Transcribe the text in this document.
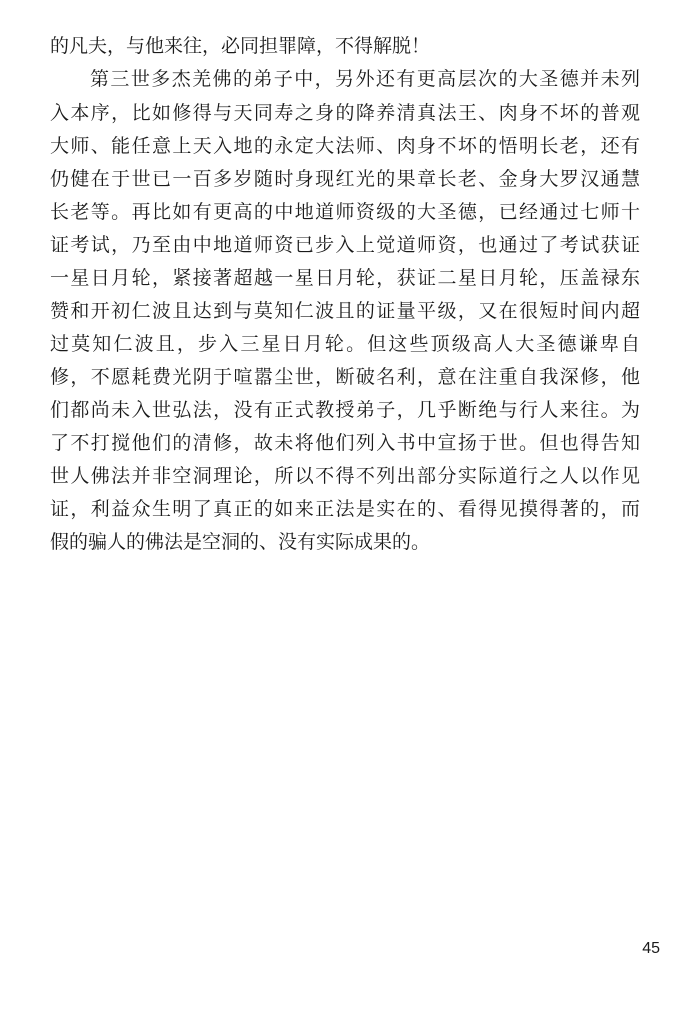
的凡夫，与他来往，必同担罪障，不得解脱！
第三世多杰羌佛的弟子中，另外还有更高层次的大圣德并未列
入本序，比如修得与天同寿之身的降养清真法王、肉身不坏的普观
大师、能任意上天入地的永定大法师、肉身不坏的悟明长老，还有
仍健在于世已一百多岁随时身现红光的果章长老、金身大罗汉通慧
长老等。再比如有更高的中地道师资级的大圣德，已经通过七师十
证考试，乃至由中地道师资已步入上觉道师资，也通过了考试获证
一星日月轮，紧接著超越一星日月轮，获证二星日月轮，压盖禄东
赞和开初仁波且达到与莫知仁波且的证量平级，又在很短时间内超
过莫知仁波且，步入三星日月轮。但这些顶级高人大圣德谦卑自
修，不愿耗费光阴于喧嚣尘世，断破名利，意在注重自我深修，他
们都尚未入世弘法，没有正式教授弟子，几乎断绝与行人来往。为
了不打搅他们的清修，故未将他们列入书中宣扬于世。但也得告知
世人佛法并非空洞理论，所以不得不列出部分实际道行之人以作见
证，利益众生明了真正的如来正法是实在的、看得见摸得著的，而
假的骗人的佛法是空洞的、没有实际成果的。
45
